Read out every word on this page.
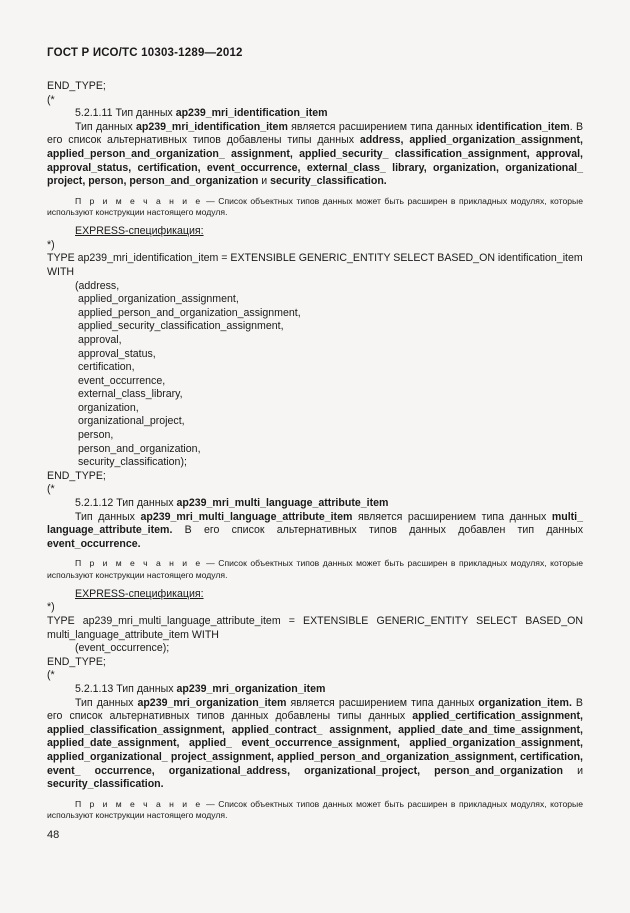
ГОСТ Р ИСО/ТС 10303-1289—2012

END_TYPE;

(*

5.2.1.11 Тип данных ap239_mri_identification_item

Тип данных ap239_mri_identification_item является расширением типа данных identification_item. В его список альтернативных типов добавлены типы данных address, applied_organization_assignment, applied_person_and_organization_ assignment, applied_security_ classification_assignment, approval, approval_status, certification, event_occurrence, external_class_ library, organization, organizational_ project, person, person_and_organization и security_classification.

П р и м е ч а н и е — Список объектных типов данных может быть расширен в прикладных модулях, которые используют конструкции настоящего модуля.

EXPRESS-спецификация:

*)

TYPE ap239_mri_identification_item = EXTENSIBLE GENERIC_ENTITY SELECT BASED_ON identification_item WITH

(address,
applied_organization_assignment,
applied_person_and_organization_assignment,
applied_security_classification_assignment,
approval,
approval_status,
certification,
event_occurrence,
external_class_library,
organization,
organizational_project,
person,
person_and_organization,
security_classification);

END_TYPE;

(*

5.2.1.12 Тип данных ap239_mri_multi_language_attribute_item

Тип данных ap239_mri_multi_language_attribute_item является расширением типа данных multi_ language_attribute_item. В его список альтернативных типов данных добавлен тип данных event_occurrence.

П р и м е ч а н и е — Список объектных типов данных может быть расширен в прикладных модулях, которые используют конструкции настоящего модуля.

EXPRESS-спецификация:

*)

TYPE ap239_mri_multi_language_attribute_item = EXTENSIBLE GENERIC_ENTITY SELECT BASED_ON multi_language_attribute_item WITH

(event_occurrence);

END_TYPE;

(*

5.2.1.13 Тип данных ap239_mri_organization_item

Тип данных ap239_mri_organization_item является расширением типа данных organization_item. В его список альтернативных типов данных добавлены типы данных applied_certification_assignment, applied_classification_assignment, applied_contract_ assignment, applied_date_and_time_assignment, applied_date_assignment, applied_ event_occurrence_assignment, applied_organization_assignment, applied_organizational_ project_assignment, applied_person_and_organization_assignment, certification, event_ occurrence, organizational_address, organizational_project, person_and_organization и security_classification.

П р и м е ч а н и е — Список объектных типов данных может быть расширен в прикладных модулях, которые используют конструкции настоящего модуля.

48
